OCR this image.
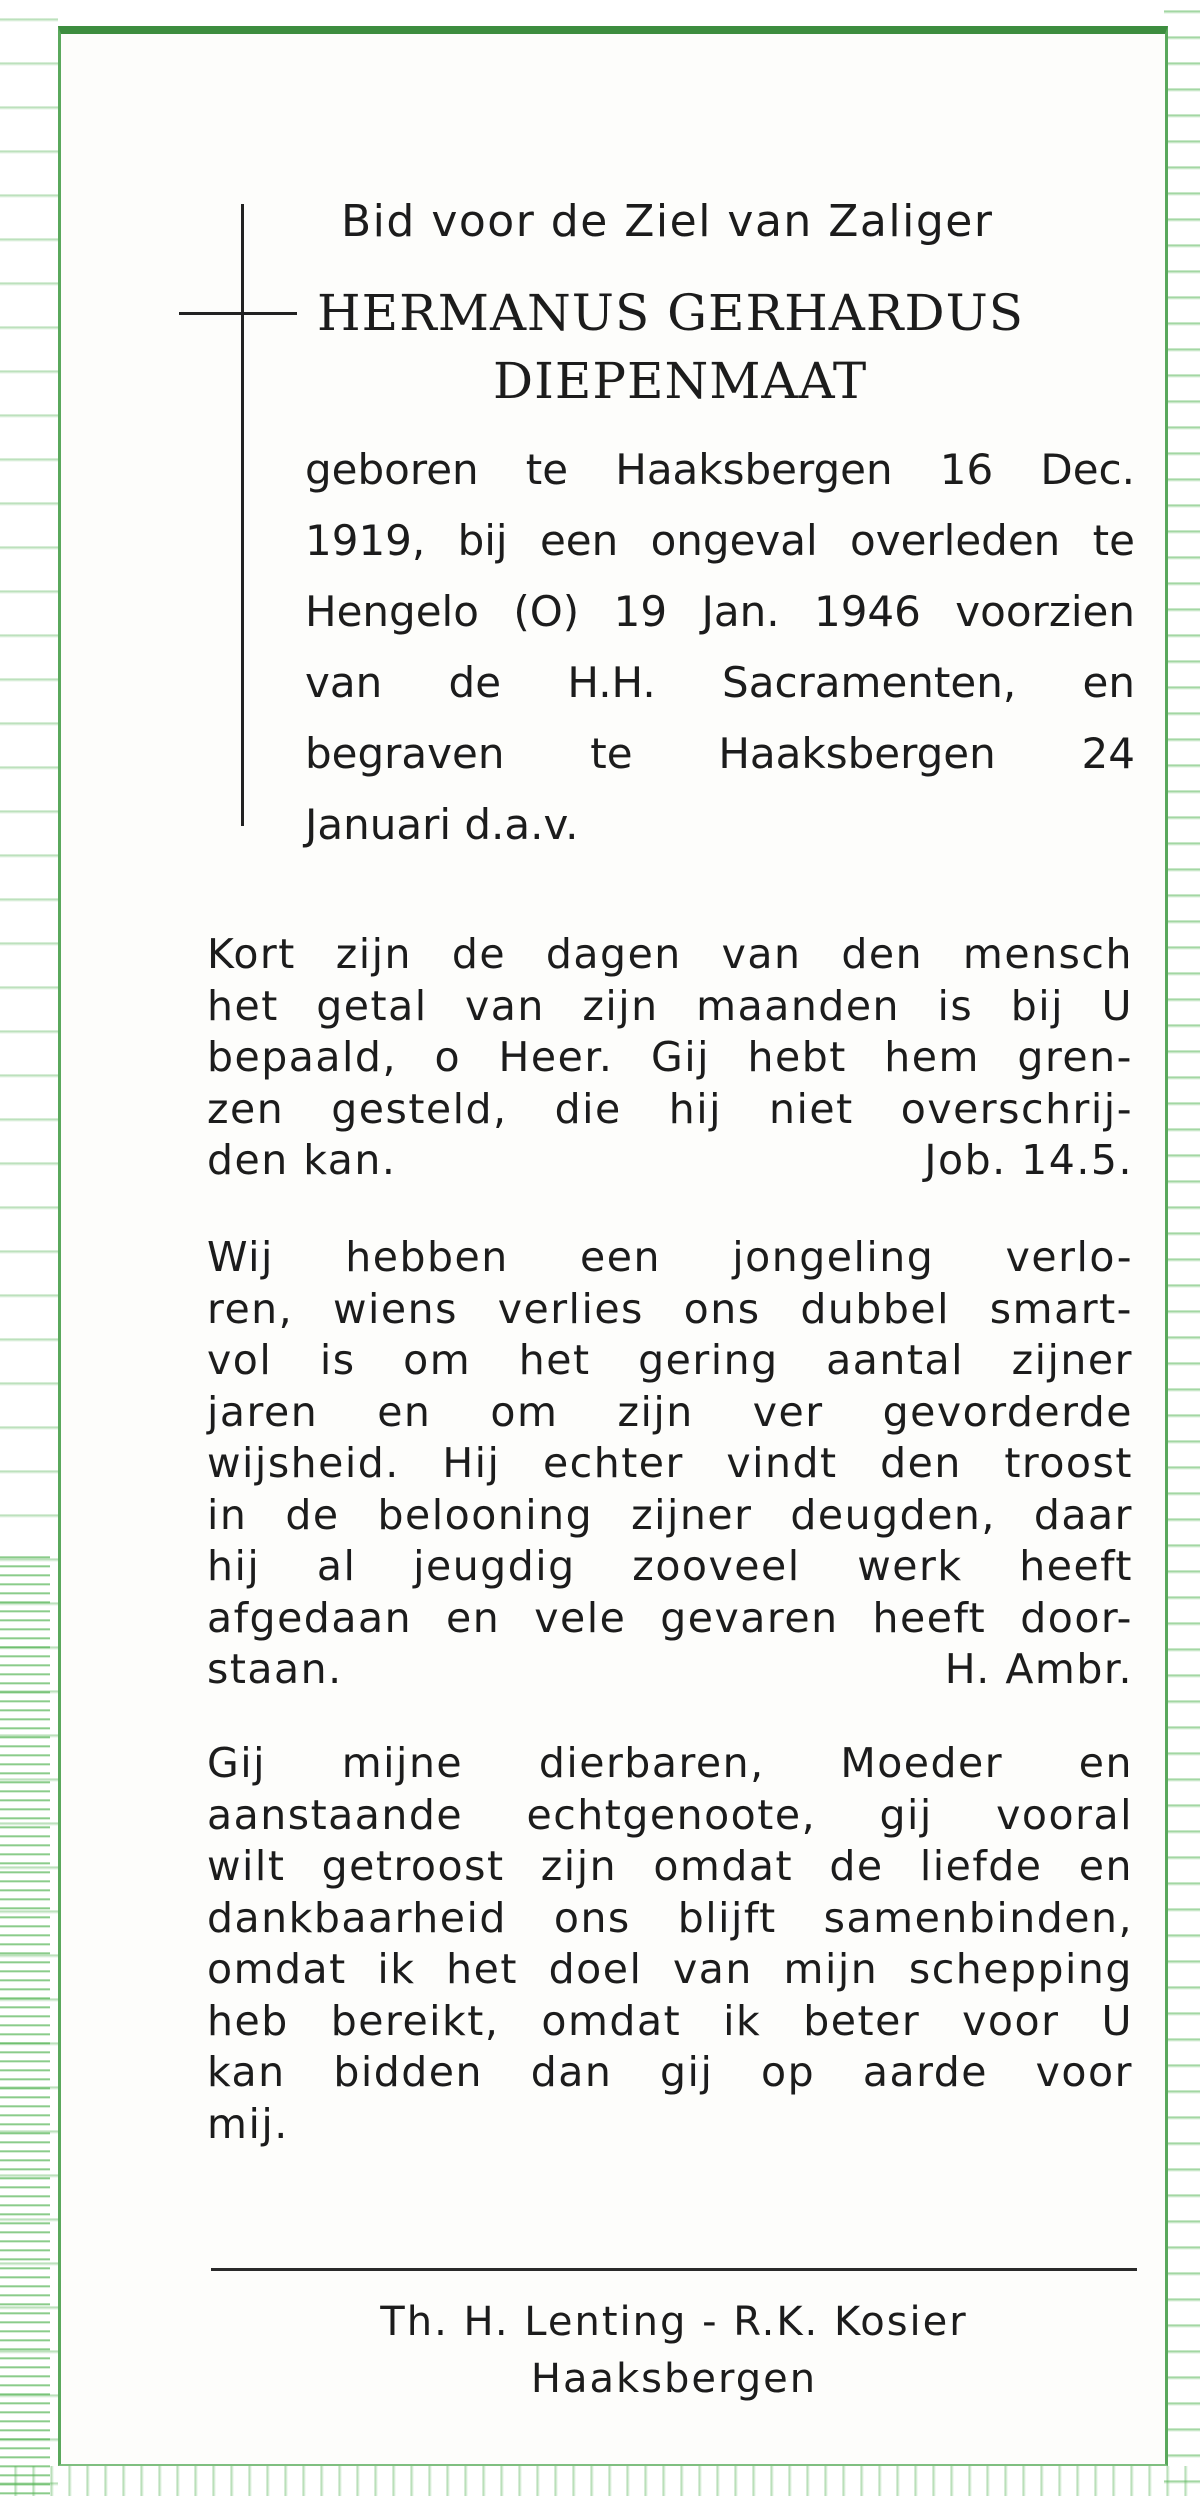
Bid voor de Ziel van Zaliger
HERMANUS GERHARDUS
DIEPENMAAT
geboren te Haaksbergen 16 Dec.
1919, bij een ongeval overleden te
Hengelo (O) 19 Jan. 1946 voorzien
van de H.H. Sacramenten, en
begraven te Haaksbergen 24
Januari d.a.v.
Kort zijn de dagen van den mensch
het getal van zijn maanden is bij U
bepaald, o Heer. Gij hebt hem gren-
zen gesteld, die hij niet overschrij-
den kan.	Job. 14.5.
Wij hebben een jongeling verlo-
ren, wiens verlies ons dubbel smart-
vol is om het gering aantal zijner
jaren en om zijn ver gevorderde
wijsheid. Hij echter vindt den troost
in de belooning zijner deugden, daar
hij al jeugdig zooveel werk heeft
afgedaan en vele gevaren heeft door-
staan.	H. Ambr.
Gij mijne dierbaren, Moeder en
aanstaande echtgenoote, gij vooral
wilt getroost zijn omdat de liefde en
dankbaarheid ons blijft samenbinden,
omdat ik het doel van mijn schepping
heb bereikt, omdat ik beter voor U
kan bidden dan gij op aarde voor
mij.
Th. H. Lenting - R.K. Kosier
Haaksbergen
